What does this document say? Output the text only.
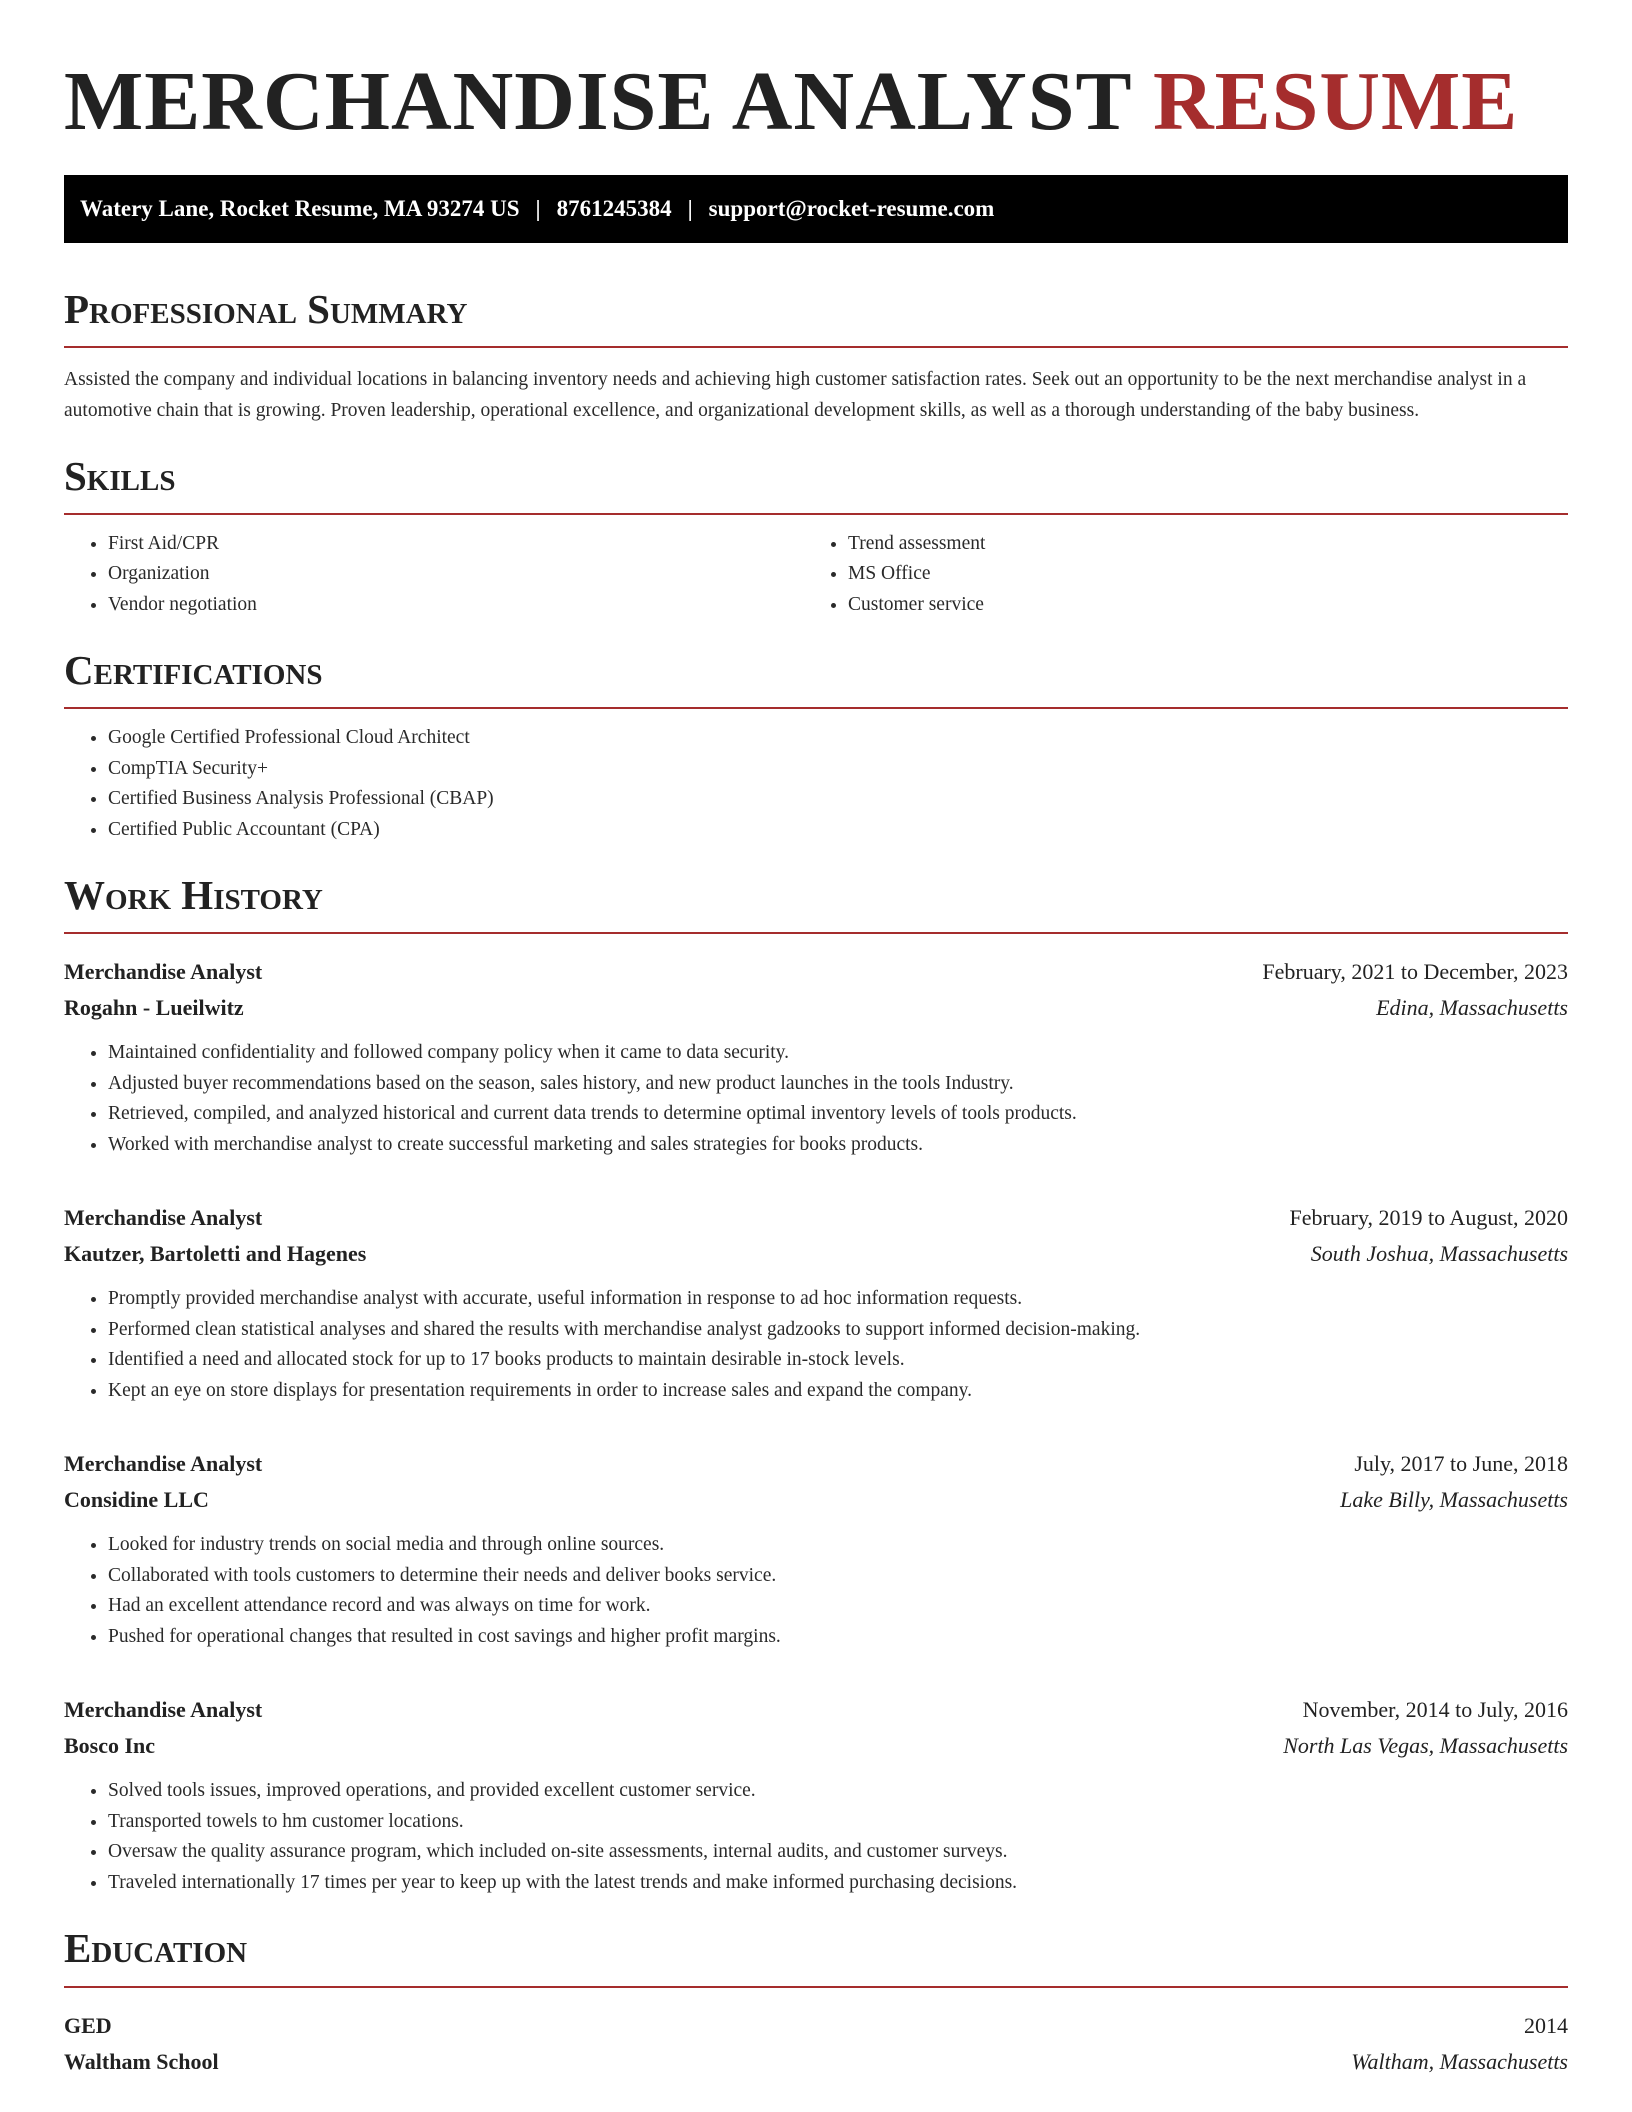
MERCHANDISE ANALYST RESUME
Watery Lane, Rocket Resume, MA 93274 US | 8761245384 | support@rocket-resume.com
Professional Summary

Assisted the company and individual locations in balancing inventory needs and achieving high customer satisfaction rates. Seek out an opportunity to be the next merchandise analyst in a automotive chain that is growing. Proven leadership, operational excellence, and organizational development skills, as well as a thorough understanding of the baby business.

Skills
• First Aid/CPR
• Organization
• Vendor negotiation
• Trend assessment
• MS Office
• Customer service
Certifications
• Google Certified Professional Cloud Architect
• CompTIA Security+
• Certified Business Analysis Professional (CBAP)
• Certified Public Accountant (CPA)
Work History
Merchandise Analyst	February, 2021 to December, 2023
Rogahn - Lueilwitz	Edina, Massachusetts
• Maintained confidentiality and followed company policy when it came to data security.
• Adjusted buyer recommendations based on the season, sales history, and new product launches in the tools Industry.
• Retrieved, compiled, and analyzed historical and current data trends to determine optimal inventory levels of tools products.
• Worked with merchandise analyst to create successful marketing and sales strategies for books products.
Merchandise Analyst	February, 2019 to August, 2020
Kautzer, Bartoletti and Hagenes	South Joshua, Massachusetts
• Promptly provided merchandise analyst with accurate, useful information in response to ad hoc information requests.
• Performed clean statistical analyses and shared the results with merchandise analyst gadzooks to support informed decision-making.
• Identified a need and allocated stock for up to 17 books products to maintain desirable in-stock levels.
• Kept an eye on store displays for presentation requirements in order to increase sales and expand the company.
Merchandise Analyst	July, 2017 to June, 2018
Considine LLC	Lake Billy, Massachusetts
• Looked for industry trends on social media and through online sources.
• Collaborated with tools customers to determine their needs and deliver books service.
• Had an excellent attendance record and was always on time for work.
• Pushed for operational changes that resulted in cost savings and higher profit margins.
Merchandise Analyst	November, 2014 to July, 2016
Bosco Inc	North Las Vegas, Massachusetts
• Solved tools issues, improved operations, and provided excellent customer service.
• Transported towels to hm customer locations.
• Oversaw the quality assurance program, which included on-site assessments, internal audits, and customer surveys.
• Traveled internationally 17 times per year to keep up with the latest trends and make informed purchasing decisions.
Education
GED	2014
Waltham School	Waltham, Massachusetts
